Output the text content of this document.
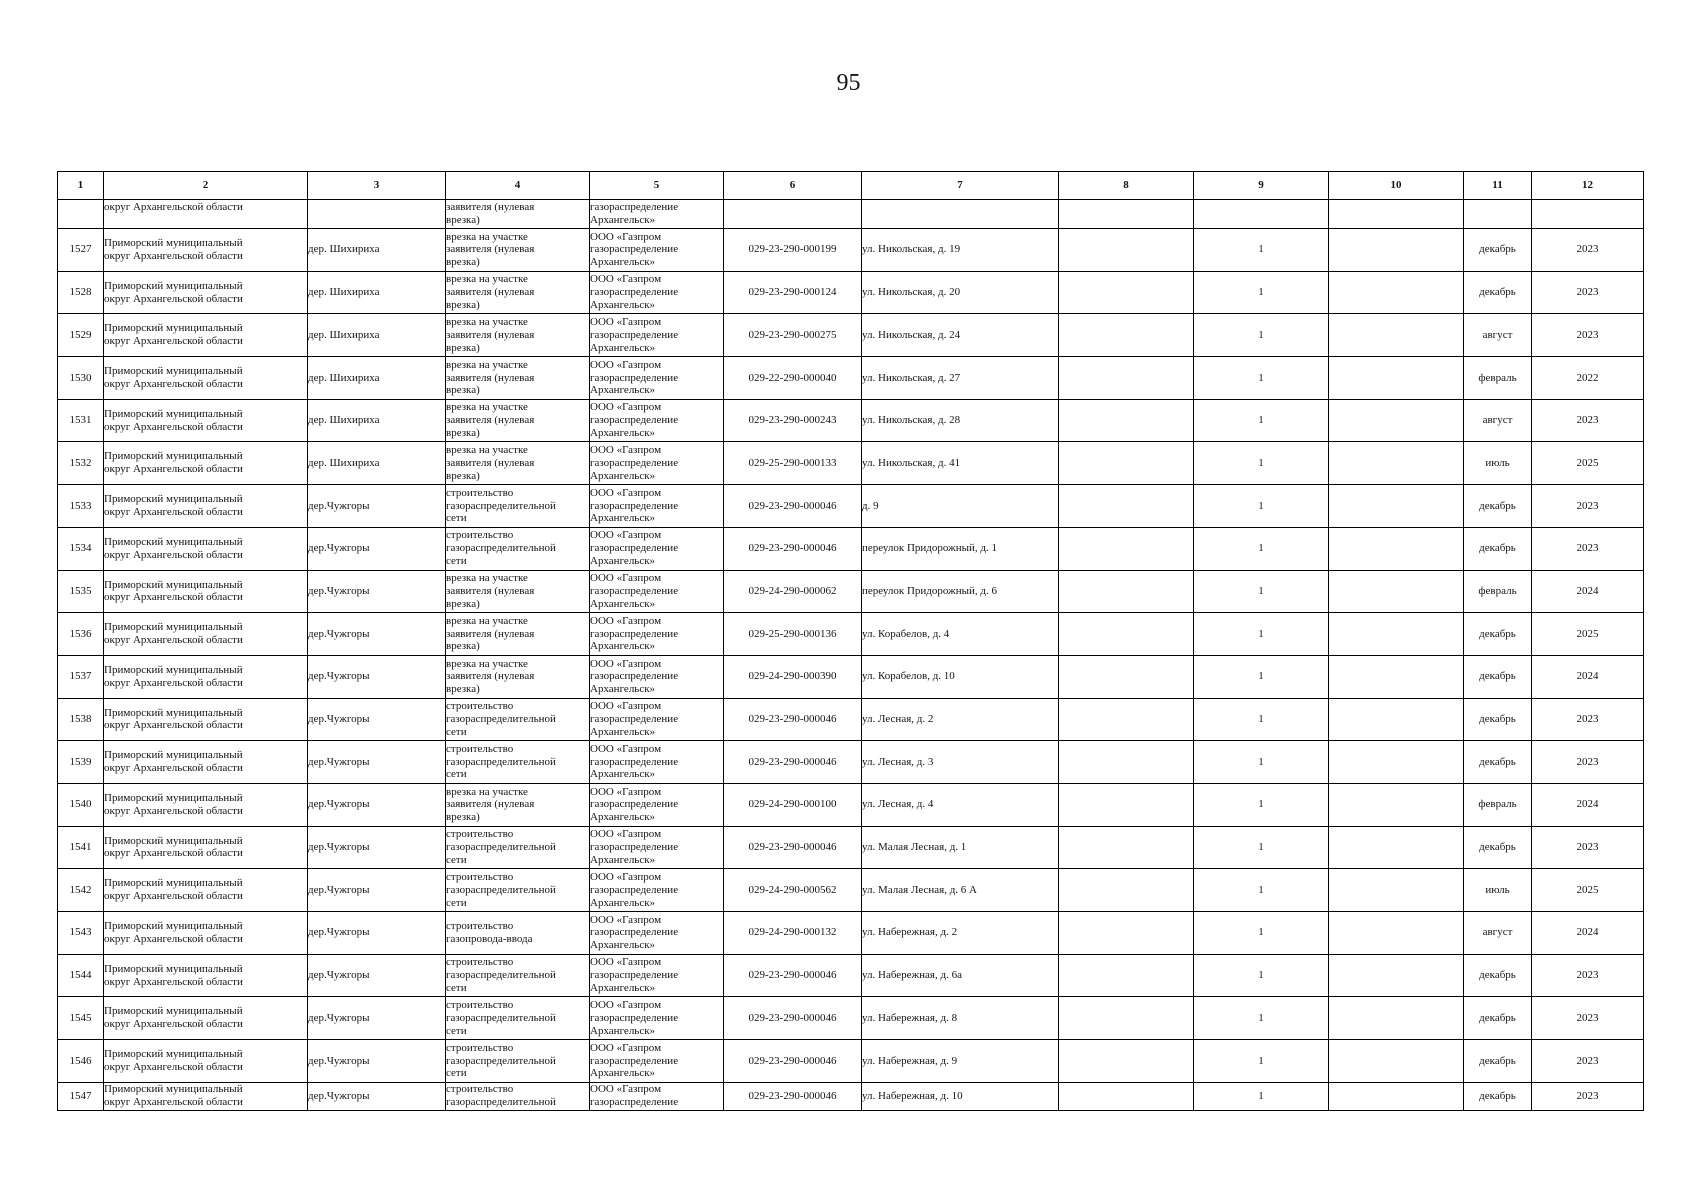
95
1	2	3	4	5	6	7	8	9	10	11	12
	округ Архангельской области		заявителя (нулевая
врезка)	газораспределение
Архангельск»							
1527	Приморский муниципальный
округ Архангельской области	дер. Шихириха	врезка на участке
заявителя (нулевая
врезка)	ООО «Газпром
газораспределение
Архангельск»	029-23-290-000199	ул. Никольская, д. 19		1		декабрь	2023
1528	Приморский муниципальный
округ Архангельской области	дер. Шихириха	врезка на участке
заявителя (нулевая
врезка)	ООО «Газпром
газораспределение
Архангельск»	029-23-290-000124	ул. Никольская, д. 20		1		декабрь	2023
1529	Приморский муниципальный
округ Архангельской области	дер. Шихириха	врезка на участке
заявителя (нулевая
врезка)	ООО «Газпром
газораспределение
Архангельск»	029-23-290-000275	ул. Никольская, д. 24		1		август	2023
1530	Приморский муниципальный
округ Архангельской области	дер. Шихириха	врезка на участке
заявителя (нулевая
врезка)	ООО «Газпром
газораспределение
Архангельск»	029-22-290-000040	ул. Никольская, д. 27		1		февраль	2022
1531	Приморский муниципальный
округ Архангельской области	дер. Шихириха	врезка на участке
заявителя (нулевая
врезка)	ООО «Газпром
газораспределение
Архангельск»	029-23-290-000243	ул. Никольская, д. 28		1		август	2023
1532	Приморский муниципальный
округ Архангельской области	дер. Шихириха	врезка на участке
заявителя (нулевая
врезка)	ООО «Газпром
газораспределение
Архангельск»	029-25-290-000133	ул. Никольская, д. 41		1		июль	2025
1533	Приморский муниципальный
округ Архангельской области	дер.Чужгоры	строительство
газораспределительной
сети	ООО «Газпром
газораспределение
Архангельск»	029-23-290-000046	д. 9		1		декабрь	2023
1534	Приморский муниципальный
округ Архангельской области	дер.Чужгоры	строительство
газораспределительной
сети	ООО «Газпром
газораспределение
Архангельск»	029-23-290-000046	переулок Придорожный, д. 1		1		декабрь	2023
1535	Приморский муниципальный
округ Архангельской области	дер.Чужгоры	врезка на участке
заявителя (нулевая
врезка)	ООО «Газпром
газораспределение
Архангельск»	029-24-290-000062	переулок Придорожный, д. 6		1		февраль	2024
1536	Приморский муниципальный
округ Архангельской области	дер.Чужгоры	врезка на участке
заявителя (нулевая
врезка)	ООО «Газпром
газораспределение
Архангельск»	029-25-290-000136	ул. Корабелов, д. 4		1		декабрь	2025
1537	Приморский муниципальный
округ Архангельской области	дер.Чужгоры	врезка на участке
заявителя (нулевая
врезка)	ООО «Газпром
газораспределение
Архангельск»	029-24-290-000390	ул. Корабелов, д. 10		1		декабрь	2024
1538	Приморский муниципальный
округ Архангельской области	дер.Чужгоры	строительство
газораспределительной
сети	ООО «Газпром
газораспределение
Архангельск»	029-23-290-000046	ул. Лесная, д. 2		1		декабрь	2023
1539	Приморский муниципальный
округ Архангельской области	дер.Чужгоры	строительство
газораспределительной
сети	ООО «Газпром
газораспределение
Архангельск»	029-23-290-000046	ул. Лесная, д. 3		1		декабрь	2023
1540	Приморский муниципальный
округ Архангельской области	дер.Чужгоры	врезка на участке
заявителя (нулевая
врезка)	ООО «Газпром
газораспределение
Архангельск»	029-24-290-000100	ул. Лесная, д. 4		1		февраль	2024
1541	Приморский муниципальный
округ Архангельской области	дер.Чужгоры	строительство
газораспределительной
сети	ООО «Газпром
газораспределение
Архангельск»	029-23-290-000046	ул. Малая Лесная, д. 1		1		декабрь	2023
1542	Приморский муниципальный
округ Архангельской области	дер.Чужгоры	строительство
газораспределительной
сети	ООО «Газпром
газораспределение
Архангельск»	029-24-290-000562	ул. Малая Лесная, д. 6 А		1		июль	2025
1543	Приморский муниципальный
округ Архангельской области	дер.Чужгоры	строительство
газопровода-ввода	ООО «Газпром
газораспределение
Архангельск»	029-24-290-000132	ул. Набережная, д. 2		1		август	2024
1544	Приморский муниципальный
округ Архангельской области	дер.Чужгоры	строительство
газораспределительной
сети	ООО «Газпром
газораспределение
Архангельск»	029-23-290-000046	ул. Набережная, д. 6а		1		декабрь	2023
1545	Приморский муниципальный
округ Архангельской области	дер.Чужгоры	строительство
газораспределительной
сети	ООО «Газпром
газораспределение
Архангельск»	029-23-290-000046	ул. Набережная, д. 8		1		декабрь	2023
1546	Приморский муниципальный
округ Архангельской области	дер.Чужгоры	строительство
газораспределительной
сети	ООО «Газпром
газораспределение
Архангельск»	029-23-290-000046	ул. Набережная, д. 9		1		декабрь	2023
1547	Приморский муниципальный
округ Архангельской области	дер.Чужгоры	строительство
газораспределительной	ООО «Газпром
газораспределение	029-23-290-000046	ул. Набережная, д. 10		1		декабрь	2023
